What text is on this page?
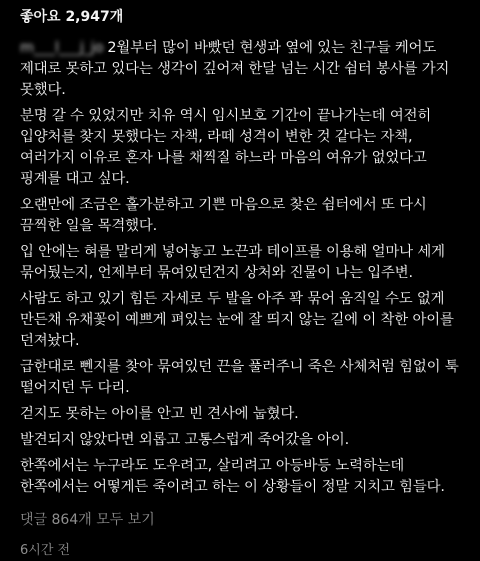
좋아요 2,947개

m___l___j_jo 2월부터 많이 바빴던 현생과 옆에 있는 친구들 케어도 제대로 못하고 있다는 생각이 깊어져 한달 넘는 시간 쉼터 봉사를 가지 못했다.

분명 갈 수 있었지만 치유 역시 임시보호 기간이 끝나가는데 여전히 입양처를 찾지 못했다는 자책, 라떼 성격이 변한 것 같다는 자책, 여러가지 이유로 혼자 나를 채찍질 하느라 마음의 여유가 없었다고 핑계를 대고 싶다.

오랜만에 조금은 홀가분하고 기쁜 마음으로 찾은 쉼터에서 또 다시 끔찍한 일을 목격했다.

입 안에는 혀를 말리게 넣어놓고 노끈과 테이프를 이용해 얼마나 세게 묶어뒀는지, 언제부터 묶여있던건지 상처와 진물이 나는 입주변.

사람도 하고 있기 힘든 자세로 두 발을 아주 꽉 묶어 움직일 수도 없게 만든채 유채꽃이 예쁘게 펴있는 눈에 잘 띄지 않는 길에 이 착한 아이를 던져놨다.

급한대로 뻰지를 찾아 묶여있던 끈을 풀러주니 죽은 사체처럼 힘없이 툭 떨어지던 두 다리.

걷지도 못하는 아이를 안고 빈 견사에 눕혔다.

발견되지 않았다면 외롭고 고통스럽게 죽어갔을 아이.

한쪽에서는 누구라도 도우려고, 살리려고 아등바등 노력하는데 한쪽에서는 어떻게든 죽이려고 하는 이 상황들이 정말 지치고 힘들다.

댓글 864개 모두 보기
6시간 전
